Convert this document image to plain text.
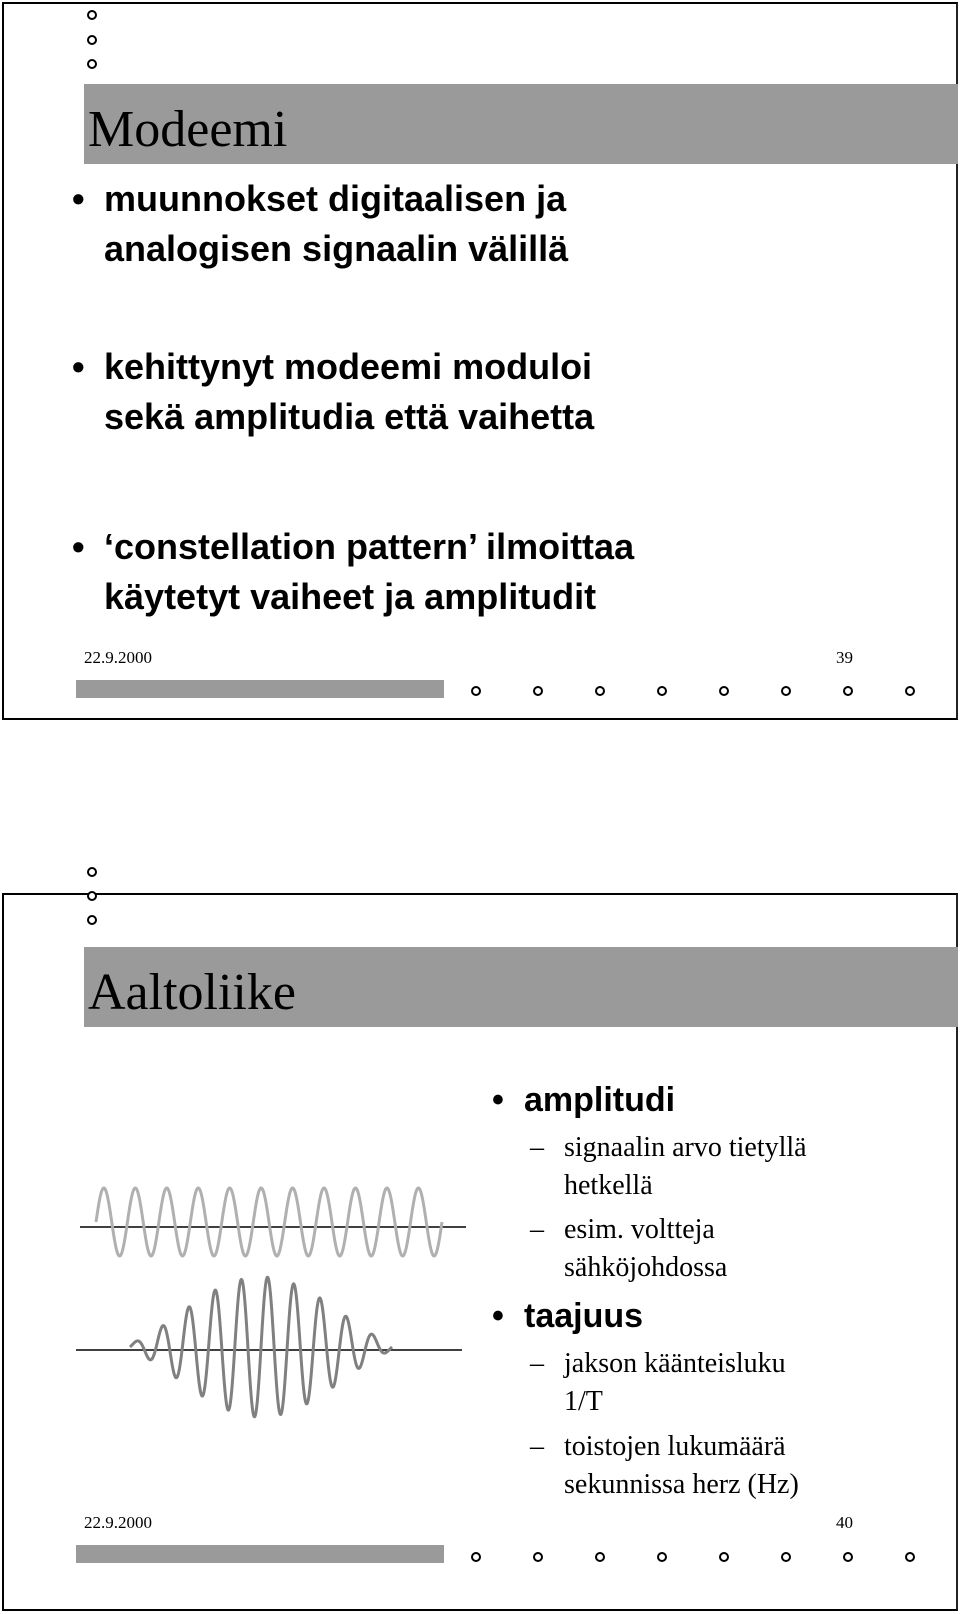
Modeemi
• muunnokset digitaalisen ja
analogisen signaalin välillä
• kehittynyt modeemi moduloi
sekä amplitudia että vaihetta
• ‘constellation pattern’ ilmoittaa
käytetyt vaiheet ja amplitudit
22.9.2000	39
Aaltoliike
• amplitudi
– signaalin arvo tietyllä
hetkellä
– esim. voltteja
sähköjohdossa
• taajuus
– jakson käänteisluku
1/T
– toistojen lukumäärä
sekunnissa herz (Hz)
22.9.2000	40
